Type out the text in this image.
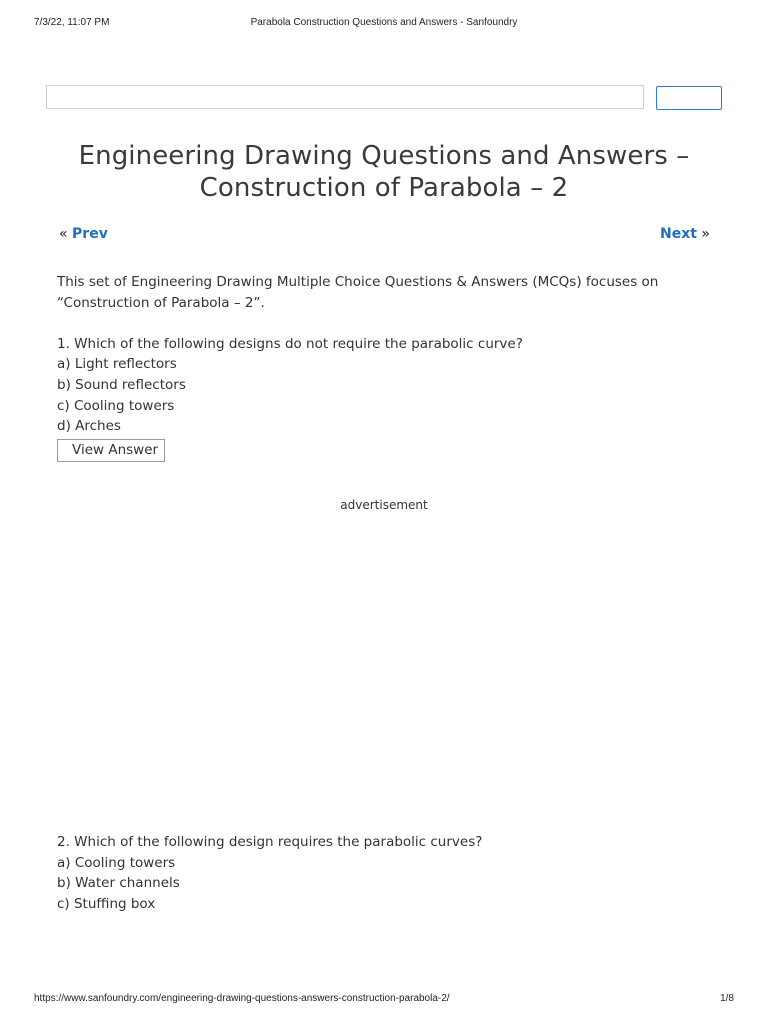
7/3/22, 11:07 PM	Parabola Construction Questions and Answers - Sanfoundry
Engineering Drawing Questions and Answers – Construction of Parabola – 2
« Prev	Next »

This set of Engineering Drawing Multiple Choice Questions & Answers (MCQs) focuses on “Construction of Parabola – 2”.

1. Which of the following designs do not require the parabolic curve?

a) Light reflectors

b) Sound reflectors

c) Cooling towers

d) Arches

View Answer
advertisement

2. Which of the following design requires the parabolic curves?

a) Cooling towers

b) Water channels

c) Stuffing box

https://www.sanfoundry.com/engineering-drawing-questions-answers-construction-parabola-2/	1/8
